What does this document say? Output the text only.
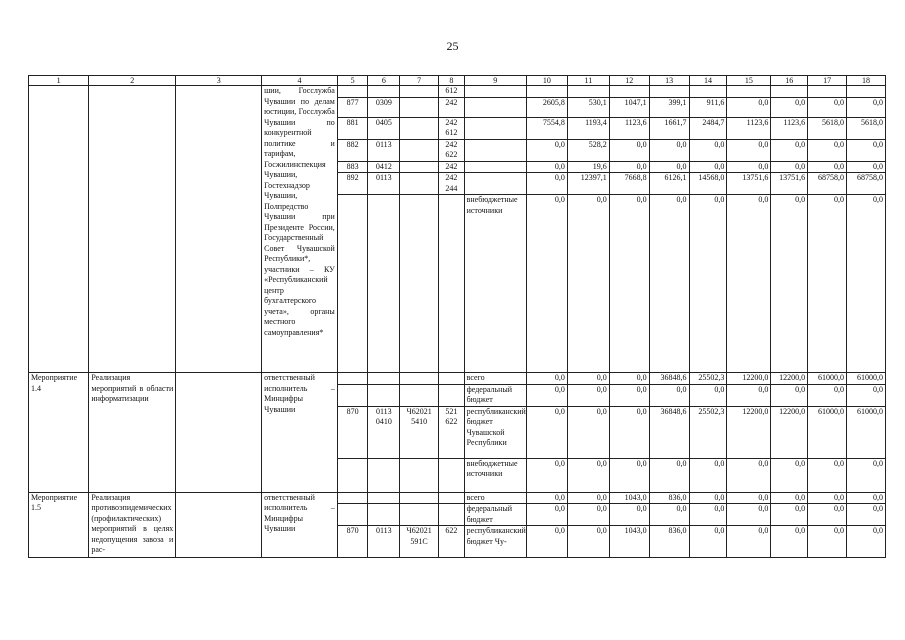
25
1	2	3	4	5	6	7	8	9	10	11	12	13	14	15	16	17	18
			шии, Госслужба Чувашии по делам юстиции, Госслужба Чувашии по конкурентной политике и тарифам, Госжилинспекция Чувашии, Гостехнадзор Чувашии, Полпредство Чувашии при Президенте России, Государственный Совет Чувашской Республики*, участники – КУ «Республиканский центр бухгалтерского учета», органы местного самоуправления*				612										
				877	0309		242		2605,8	530,1	1047,1	399,1	911,6	0,0	0,0	0,0	0,0
				881	0405		242 612		7554,8	1193,4	1123,6	1661,7	2484,7	1123,6	1123,6	5618,0	5618,0
				882	0113		242 622		0,0	528,2	0,0	0,0	0,0	0,0	0,0	0,0	0,0
				883	0412		242		0,0	19,6	0,0	0,0	0,0	0,0	0,0	0,0	0,0
				892	0113		242 244		0,0	12397,1	7668,8	6126,1	14568,0	13751,6	13751,6	68758,0	68758,0
								внебюджетные источники	0,0	0,0	0,0	0,0	0,0	0,0	0,0	0,0	0,0
Мероприятие 1.4	Реализация мероприятий в области информатизации		ответственный исполнитель – Минцифры Чувашии					всего	0,0	0,0	0,0	36848,6	25502,3	12200,0	12200,0	61000,0	61000,0
								федеральный бюджет	0,0	0,0	0,0	0,0	0,0	0,0	0,0	0,0	0,0
				870	0113 0410	Ч62021 5410	521 622	республиканский бюджет Чувашской Республики	0,0	0,0	0,0	36848,6	25502,3	12200,0	12200,0	61000,0	61000,0
								внебюджетные источники	0,0	0,0	0,0	0,0	0,0	0,0	0,0	0,0	0,0
Мероприятие 1.5	Реализация противоэпидемических (профилактических) мероприятий в целях недопущения завоза и рас-		ответственный исполнитель – Минцифры Чувашии					всего	0,0	0,0	1043,0	836,0	0,0	0,0	0,0	0,0	0,0
								федеральный бюджет	0,0	0,0	0,0	0,0	0,0	0,0	0,0	0,0	0,0
				870	0113	Ч62021 591С	622	республиканский бюджет Чу-	0,0	0,0	1043,0	836,0	0,0	0,0	0,0	0,0	0,0
